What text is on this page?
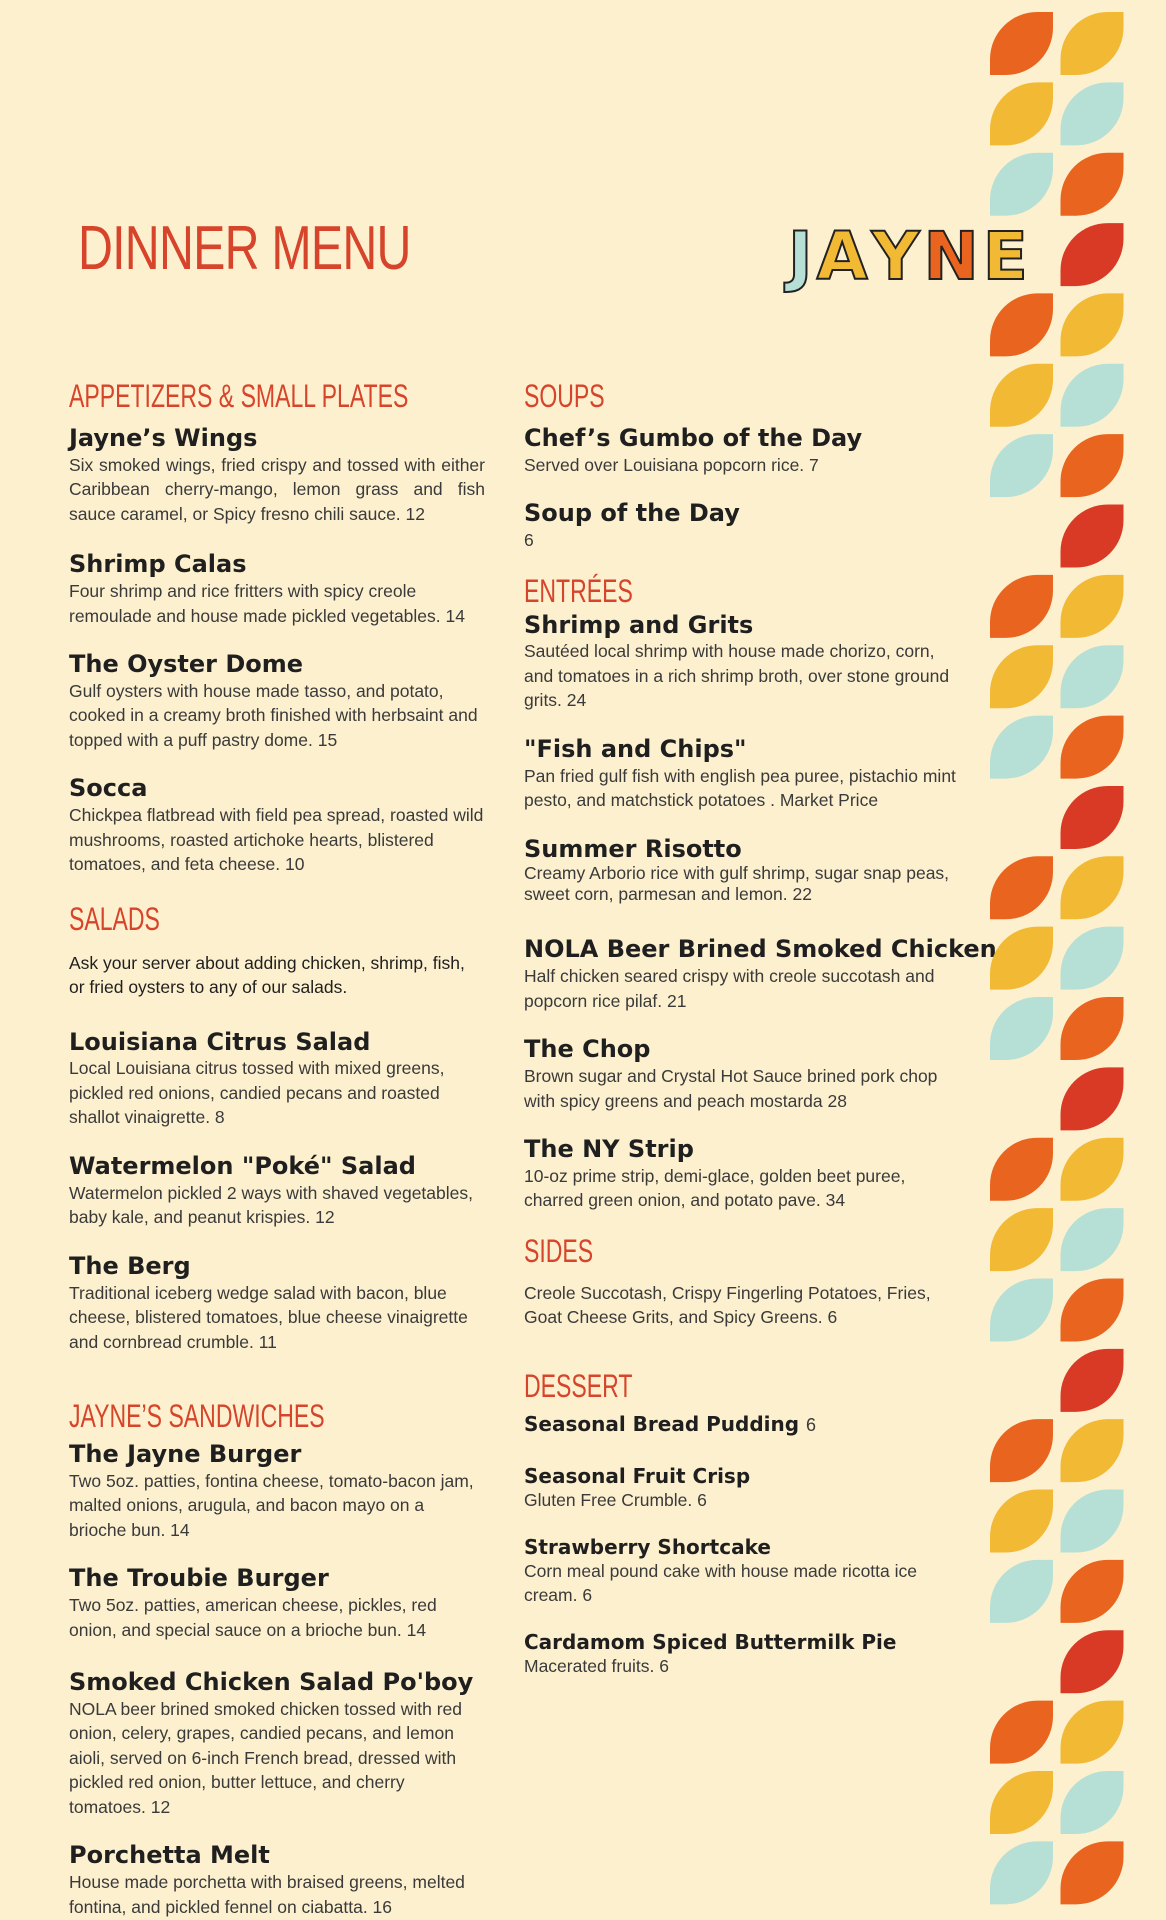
DINNER MENU	JAYNE
APPETIZERS & SMALL PLATES

Jayne’s Wings

Six smoked wings, fried crispy and tossed with either Caribbean cherry-mango, lemon grass and fish sauce caramel, or Spicy fresno chili sauce. 12

Shrimp Calas

Four shrimp and rice fritters with spicy creole remoulade and house made pickled vegetables. 14

The Oyster Dome

Gulf oysters with house made tasso, and potato, cooked in a creamy broth finished with herbsaint and topped with a puff pastry dome. 15

Socca

Chickpea flatbread with field pea spread, roasted wild mushrooms, roasted artichoke hearts, blistered tomatoes, and feta cheese. 10

SALADS

Ask your server about adding chicken, shrimp, fish, or fried oysters to any of our salads.

Louisiana Citrus Salad

Local Louisiana citrus tossed with mixed greens, pickled red onions, candied pecans and roasted shallot vinaigrette. 8

Watermelon "Poké" Salad

Watermelon pickled 2 ways with shaved vegetables, baby kale, and peanut krispies. 12

The Berg

Traditional iceberg wedge salad with bacon, blue cheese, blistered tomatoes, blue cheese vinaigrette and cornbread crumble. 11

JAYNE’S SANDWICHES

The Jayne Burger

Two 5oz. patties, fontina cheese, tomato-bacon jam, malted onions, arugula, and bacon mayo on a brioche bun. 14

The Troubie Burger

Two 5oz. patties, american cheese, pickles, red onion, and special sauce on a brioche bun. 14

Smoked Chicken Salad Po'boy

NOLA beer brined smoked chicken tossed with red onion, celery, grapes, candied pecans, and lemon aioli, served on 6-inch French bread, dressed with pickled red onion, butter lettuce, and cherry tomatoes. 12

Porchetta Melt

House made porchetta with braised greens, melted fontina, and pickled fennel on ciabatta. 16

SOUPS

Chef’s Gumbo of the Day

Served over Louisiana popcorn rice. 7

Soup of the Day

6

ENTRÉES

Shrimp and Grits

Sautéed local shrimp with house made chorizo, corn, and tomatoes in a rich shrimp broth, over stone ground grits. 24

"Fish and Chips"

Pan fried gulf fish with english pea puree, pistachio mint pesto, and matchstick potatoes . Market Price

Summer Risotto

Creamy Arborio rice with gulf shrimp, sugar snap peas, sweet corn, parmesan and lemon. 22

NOLA Beer Brined Smoked Chicken

Half chicken seared crispy with creole succotash and popcorn rice pilaf. 21

The Chop

Brown sugar and Crystal Hot Sauce brined pork chop with spicy greens and peach mostarda 28

The NY Strip

10-oz prime strip, demi-glace, golden beet puree, charred green onion, and potato pave. 34

SIDES

Creole Succotash, Crispy Fingerling Potatoes, Fries, Goat Cheese Grits, and Spicy Greens. 6

DESSERT

Seasonal Bread Pudding 6

Seasonal Fruit Crisp

Gluten Free Crumble. 6

Strawberry Shortcake

Corn meal pound cake with house made ricotta ice cream. 6

Cardamom Spiced Buttermilk Pie

Macerated fruits. 6
